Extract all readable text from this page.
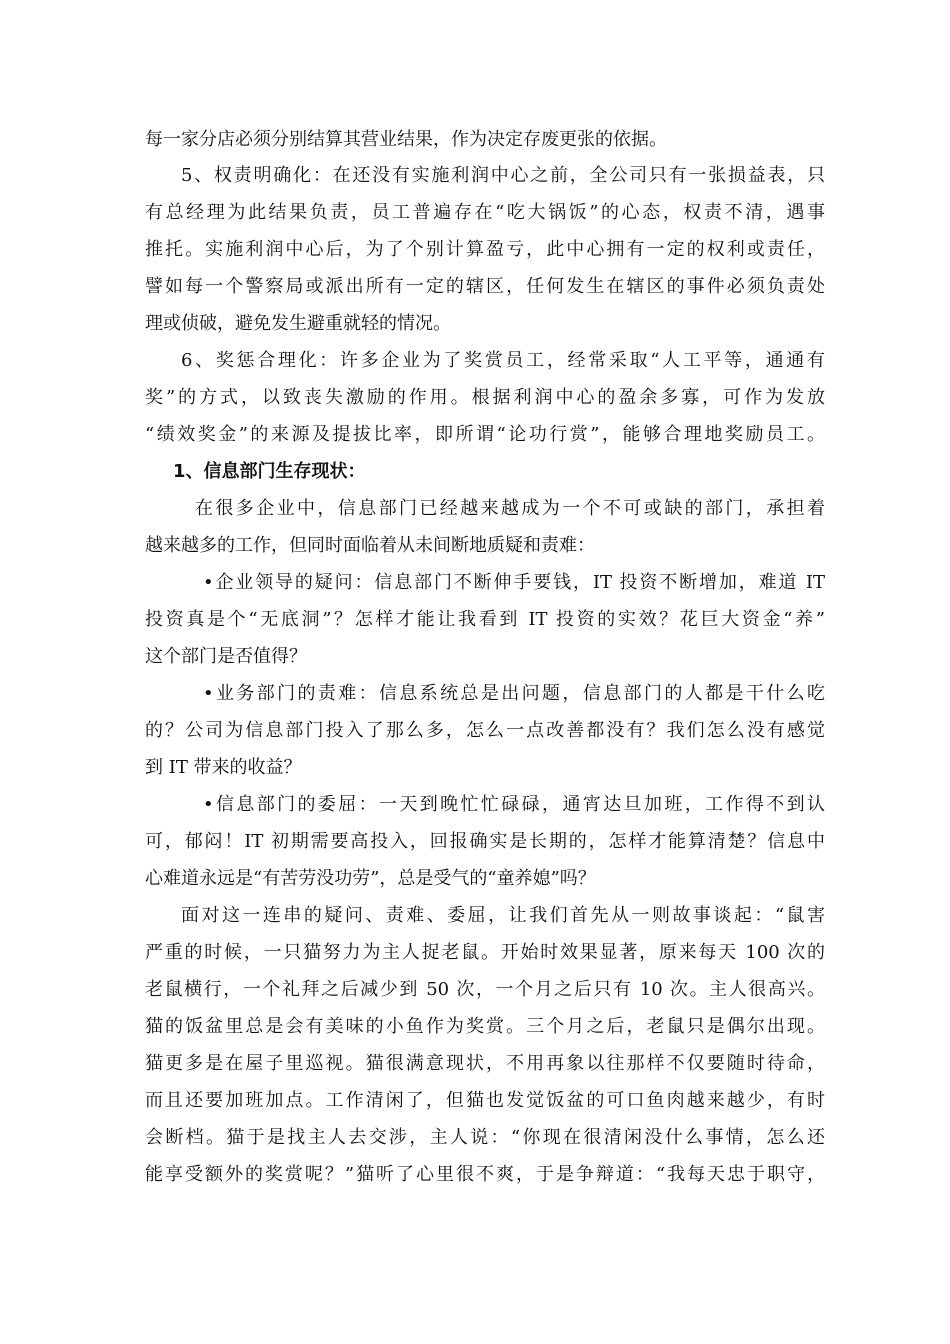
每一家分店必须分别结算其营业结果，作为决定存废更张的依据。
5、权责明确化：在还没有实施利润中心之前，全公司只有一张损益表，只
有总经理为此结果负责，员工普遍存在“吃大锅饭”的心态，权责不清，遇事
推托。实施利润中心后，为了个别计算盈亏，此中心拥有一定的权利或责任，
譬如每一个警察局或派出所有一定的辖区，任何发生在辖区的事件必须负责处
理或侦破，避免发生避重就轻的情况。
6、奖惩合理化：许多企业为了奖赏员工，经常采取“人工平等，通通有
奖”的方式，以致丧失激励的作用。根据利润中心的盈余多寡，可作为发放
“绩效奖金”的来源及提拔比率，即所谓“论功行赏”，能够合理地奖励员工。
1、信息部门生存现状：
在很多企业中，信息部门已经越来越成为一个不可或缺的部门，承担着
越来越多的工作，但同时面临着从未间断地质疑和责难：
•企业领导的疑问：信息部门不断伸手要钱，IT 投资不断增加，难道 IT
投资真是个“无底洞”？怎样才能让我看到 IT 投资的实效？花巨大资金“养”
这个部门是否值得？
•业务部门的责难：信息系统总是出问题，信息部门的人都是干什么吃
的？公司为信息部门投入了那么多，怎么一点改善都没有？我们怎么没有感觉
到 IT 带来的收益？
•信息部门的委屈：一天到晚忙忙碌碌，通宵达旦加班，工作得不到认
可，郁闷！IT 初期需要高投入，回报确实是长期的，怎样才能算清楚？信息中
心难道永远是“有苦劳没功劳”，总是受气的“童养媳”吗？
面对这一连串的疑问、责难、委屈，让我们首先从一则故事谈起：“鼠害
严重的时候，一只猫努力为主人捉老鼠。开始时效果显著，原来每天 100 次的
老鼠横行，一个礼拜之后减少到 50 次，一个月之后只有 10 次。主人很高兴。
猫的饭盆里总是会有美味的小鱼作为奖赏。三个月之后，老鼠只是偶尔出现。
猫更多是在屋子里巡视。猫很满意现状，不用再象以往那样不仅要随时待命，
而且还要加班加点。工作清闲了，但猫也发觉饭盆的可口鱼肉越来越少，有时
会断档。猫于是找主人去交涉，主人说：“你现在很清闲没什么事情，怎么还
能享受额外的奖赏呢？”猫听了心里很不爽，于是争辩道：“我每天忠于职守，
